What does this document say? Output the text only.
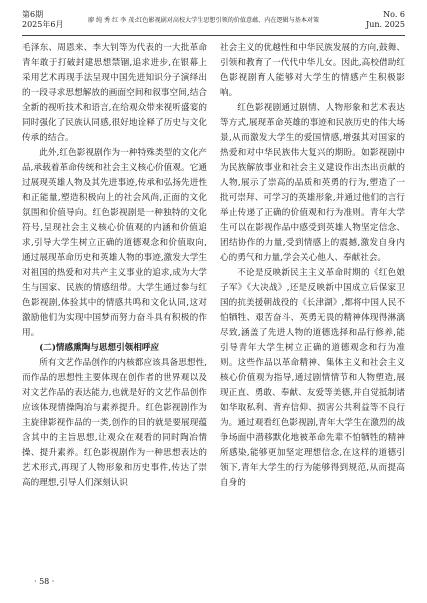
第6期
2025年6月	廖 纯 秀 红 李 茂:红色影视剧对高校大学生思想引领的价值意蕴、内在逻辑与基本对策
No. 6
Jun. 2025

毛泽东、周恩来、李大钊等为代表的一大批革命青年敢于打破封建思想禁锢,追求进步,在银幕上采用艺术再现手法呈现中国先进知识分子演绎出的一段寻求思想解放的画面空间和叙事空间,结合全新的视听技术和语言,在给观众带来视听盛宴的同时强化了民族认同感,很好地诠释了历史与文化传承的结合。

此外,红色影视剧作为一种特殊类型的文化产品,承载着革命传统和社会主义核心价值观。它通过展现英雄人物及其先进事迹,传承和弘扬先进性和正能量,塑造积极向上的社会风尚,正面的文化氛围和价值导向。红色影视剧是一种独特的文化符号,呈现社会主义核心价值观的内涵和价值追求,引导大学生树立正确的道德观念和价值取向,通过展现革命历史和英雄人物的事迹,激发大学生对祖国的热爱和对共产主义事业的追求,成为大学生与国家、民族的情感纽带。大学生通过参与红色影视剧,体验其中的情感共鸣和文化认同,这对激励他们为实现中国梦而努力奋斗具有积极的作用。

(二)情感熏陶与思想引领相呼应

所有文艺作品创作的内核都应该具备思想性,而作品的思想性主要体现在创作者的世界观以及对文艺作品的表达能力,也就是好的文艺作品创作应该体现情操陶冶与素养提升。红色影视剧作为主旋律影视作品的一类,创作的目的就是要展现蕴含其中的主旨思想,让观众在观看的同时陶冶情操、提升素养。红色影视剧作为一种思想表达的艺术形式,再现了人物形象和历史事件,传达了崇高的理想,引导人们深刻认识

社会主义的优越性和中华民族发展的方向,鼓舞、引领和教育了一代代中华儿女。因此,高校借助红色影视剧育人能够对大学生的情感产生积极影响。

红色影视剧通过剧情、人物形象和艺术表达等方式,展现革命英雄的事迹和民族历史的伟大场景,从而激发大学生的爱国情感,增强其对国家的热爱和对中华民族伟大复兴的期盼。如影视剧中为民族解放事业和社会主义建设作出杰出贡献的人物,展示了崇高的品质和英勇的行为,塑造了一批可崇拜、可学习的英雄形象,并通过他们的言行举止传递了正确的价值观和行为准则。青年大学生可以在影视作品中感受到英雄人物坚定信念、团结协作的力量,受到情感上的震撼,激发自身内心的勇气和力量,学会关心他人、奉献社会。

不论是反映新民主主义革命时期的《红色娘子军》《大决战》,还是反映新中国成立后保家卫国的抗美援朝战役的《长津湖》,都将中国人民不怕牺牲、艰苦奋斗、英勇无畏的精神体现得淋漓尽致,涵盖了先进人物的道德选择和品行修养,能引导青年大学生树立正确的道德观念和行为准则。这些作品以革命精神、集体主义和社会主义核心价值观为指导,通过剧情情节和人物塑造,展现正直、勇敢、奉献、友爱等美德,并自觉抵制诸如华取私利、背弃信仰、损害公共利益等不良行为。通过观看红色影视剧,青年大学生在激烈的战争场面中潜移默化地被革命先辈不怕牺牲的精神所感染,能够更加坚定理想信念,在这样的道德引领下,青年大学生的行为能够得到规范,从而提高自身的

· 58 ·
